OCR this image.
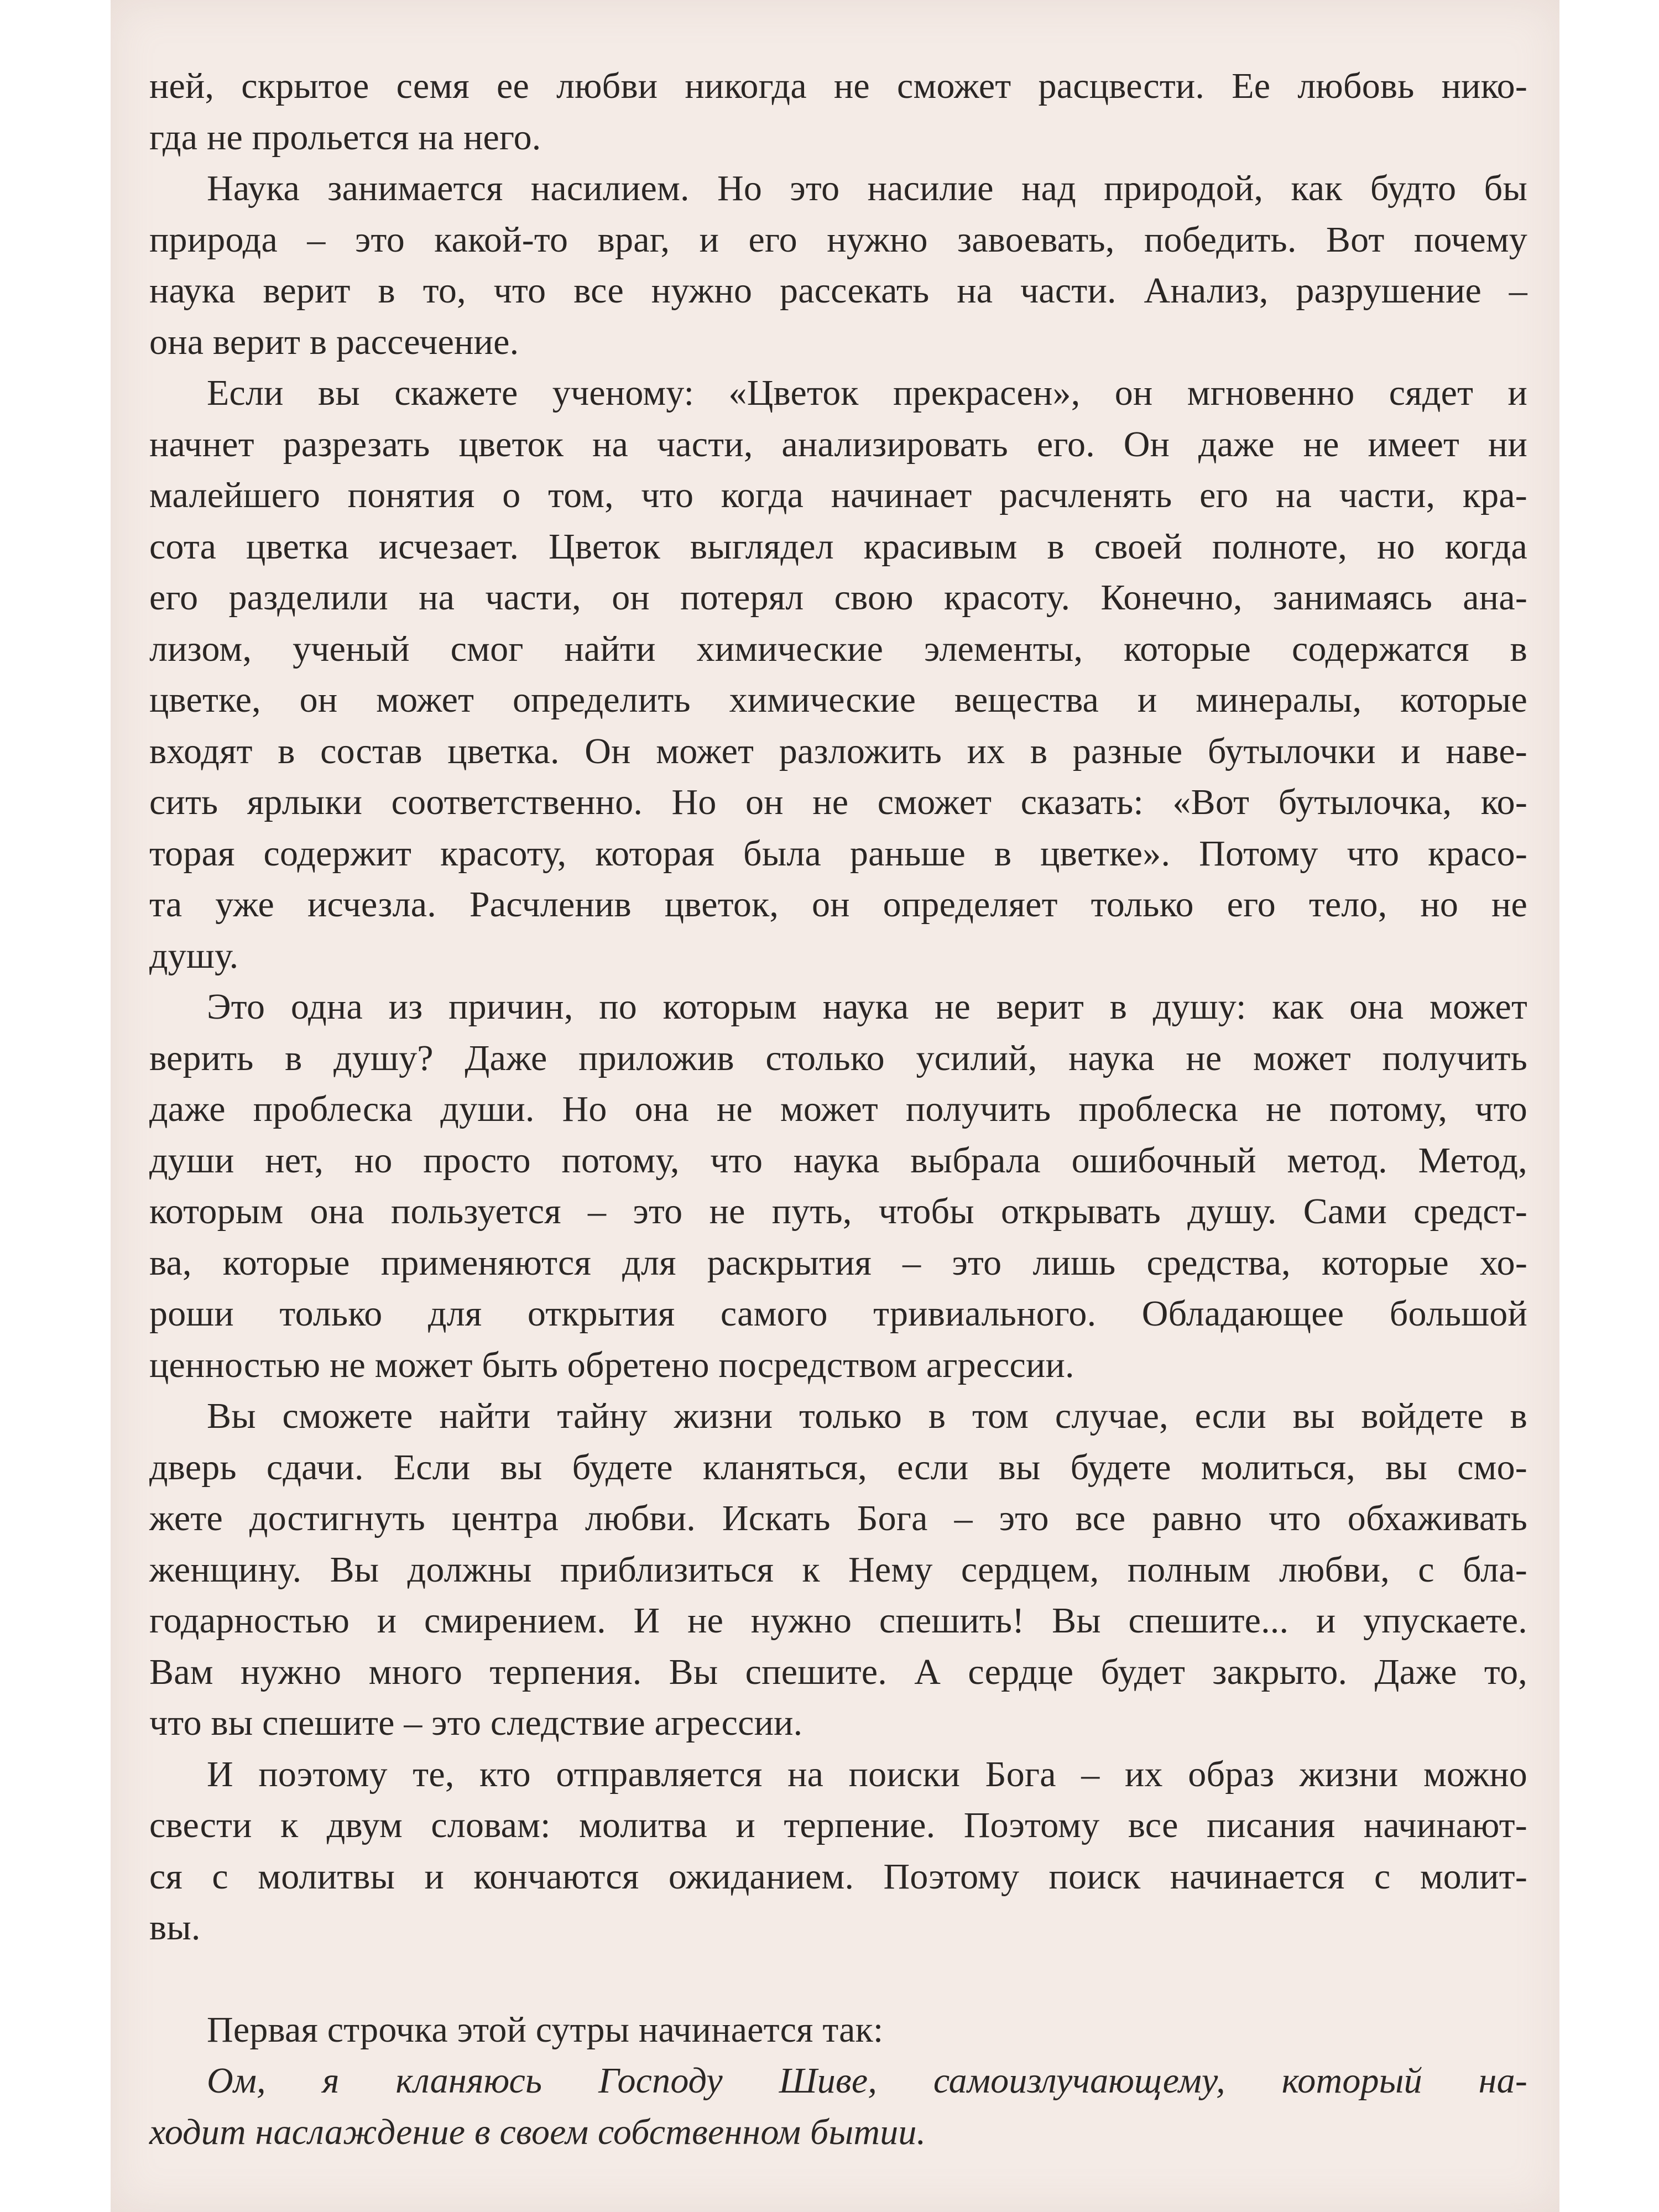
ней, скрытое семя ее любви никогда не сможет расцвести. Ее любовь нико-
гда не прольется на него.

Наука занимается насилием. Но это насилие над природой, как будто бы
природа – это какой-то враг, и его нужно завоевать, победить. Вот почему
наука верит в то, что все нужно рассекать на части. Анализ, разрушение –
она верит в рассечение.

Если вы скажете ученому: «Цветок прекрасен», он мгновенно сядет и
начнет разрезать цветок на части, анализировать его. Он даже не имеет ни
малейшего понятия о том, что когда начинает расчленять его на части, кра-
сота цветка исчезает. Цветок выглядел красивым в своей полноте, но когда
его разделили на части, он потерял свою красоту. Конечно, занимаясь ана-
лизом, ученый смог найти химические элементы, которые содержатся в
цветке, он может определить химические вещества и минералы, которые
входят в состав цветка. Он может разложить их в разные бутылочки и наве-
сить ярлыки соответственно. Но он не сможет сказать: «Вот бутылочка, ко-
торая содержит красоту, которая была раньше в цветке». Потому что красо-
та уже исчезла. Расчленив цветок, он определяет только его тело, но не
душу.

Это одна из причин, по которым наука не верит в душу: как она может
верить в душу? Даже приложив столько усилий, наука не может получить
даже проблеска души. Но она не может получить проблеска не потому, что
души нет, но просто потому, что наука выбрала ошибочный метод. Метод,
которым она пользуется – это не путь, чтобы открывать душу. Сами средст-
ва, которые применяются для раскрытия – это лишь средства, которые хо-
роши только для открытия самого тривиального. Обладающее большой
ценностью не может быть обретено посредством агрессии.

Вы сможете найти тайну жизни только в том случае, если вы войдете в
дверь сдачи. Если вы будете кланяться, если вы будете молиться, вы смо-
жете достигнуть центра любви. Искать Бога – это все равно что обхаживать
женщину. Вы должны приблизиться к Нему сердцем, полным любви, с бла-
годарностью и смирением. И не нужно спешить! Вы спешите... и упускаете.
Вам нужно много терпения. Вы спешите. А сердце будет закрыто. Даже то,
что вы спешите – это следствие агрессии.

И поэтому те, кто отправляется на поиски Бога – их образ жизни можно
свести к двум словам: молитва и терпение. Поэтому все писания начинают-
ся с молитвы и кончаются ожиданием. Поэтому поиск начинается с молит-
вы.

Первая строчка этой сутры начинается так:

Ом, я кланяюсь Господу Шиве, самоизлучающему, который на-
ходит наслаждение в своем собственном бытии.
